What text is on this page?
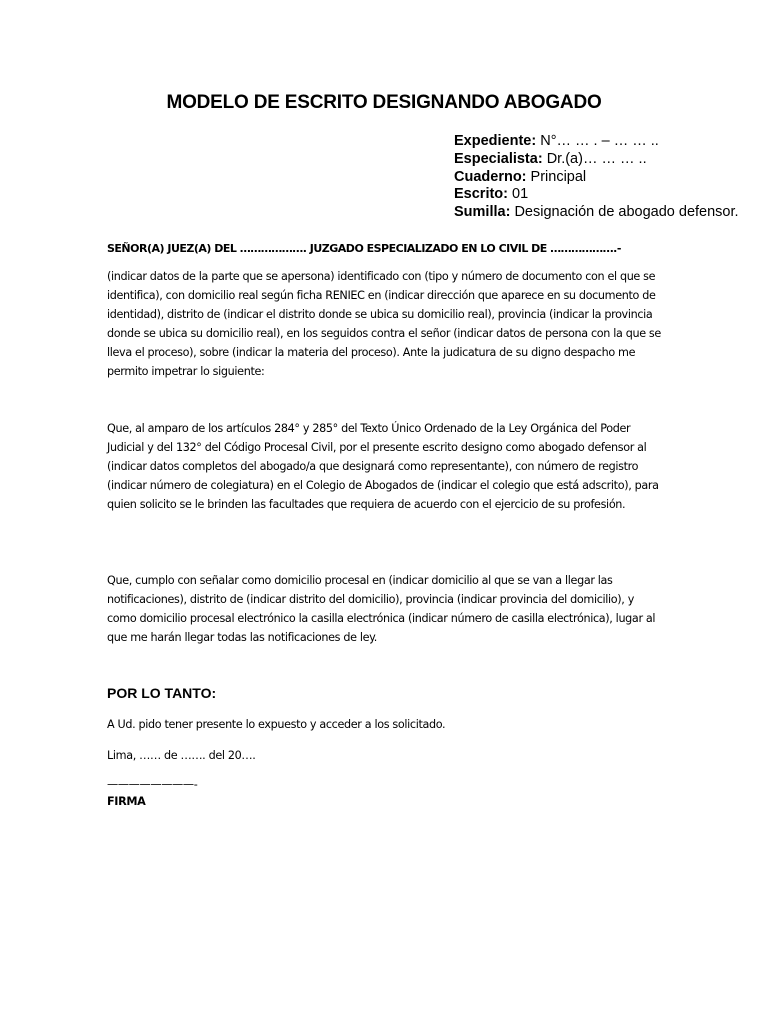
MODELO DE ESCRITO DESIGNANDO ABOGADO
Expediente: N°… … . – … … ..
Especialista: Dr.(a)… … … ..
Cuaderno: Principal
Escrito: 01
Sumilla: Designación de abogado defensor.
SEÑOR(A) JUEZ(A) DEL ………………. JUZGADO ESPECIALIZADO EN LO CIVIL DE ……………….-
(indicar datos de la parte que se apersona) identificado con (tipo y número de documento con el que se identifica), con domicilio real según ficha RENIEC en (indicar dirección que aparece en su documento de identidad), distrito de (indicar el distrito donde se ubica su domicilio real), provincia (indicar la provincia donde se ubica su domicilio real), en los seguidos contra el señor (indicar datos de persona con la que se lleva el proceso), sobre (indicar la materia del proceso). Ante la judicatura de su digno despacho me permito impetrar lo siguiente:
Que, al amparo de los artículos 284° y 285° del Texto Único Ordenado de la Ley Orgánica del Poder Judicial y del 132° del Código Procesal Civil, por el presente escrito designo como abogado defensor al (indicar datos completos del abogado/a que designará como representante), con número de registro (indicar número de colegiatura) en el Colegio de Abogados de (indicar el colegio que está adscrito), para quien solicito se le brinden las facultades que requiera de acuerdo con el ejercicio de su profesión.
Que, cumplo con señalar como domicilio procesal en (indicar domicilio al que se van a llegar las notificaciones), distrito de (indicar distrito del domicilio), provincia (indicar provincia del domicilio), y como domicilio procesal electrónico la casilla electrónica (indicar número de casilla electrónica), lugar al que me harán llegar todas las notificaciones de ley.
POR LO TANTO:
A Ud. pido tener presente lo expuesto y acceder a los solicitado.
Lima, …… de ……. del 20….
————————-
FIRMA
